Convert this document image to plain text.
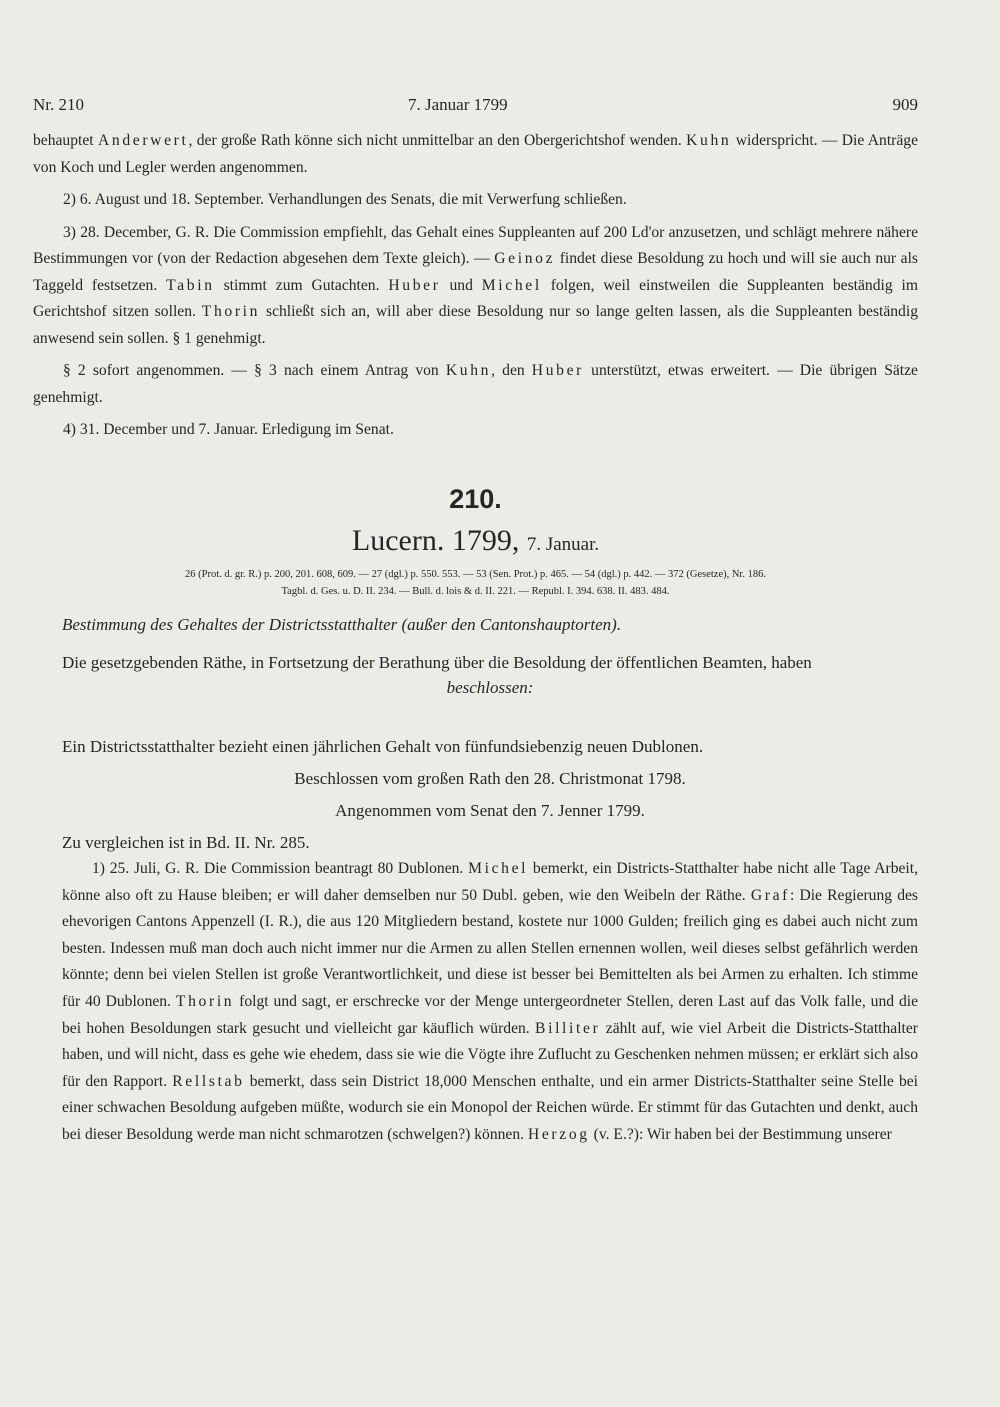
Nr. 210	7. Januar 1799	909

behauptet Anderwert, der große Rath könne sich nicht unmittelbar an den Obergerichtshof wenden. Kuhn widerspricht. — Die Anträge von Koch und Legler werden angenommen.

2) 6. August und 18. September. Verhandlungen des Senats, die mit Verwerfung schließen.

3) 28. December, G. R. Die Commission empfiehlt, das Gehalt eines Suppleanten auf 200 Ld'or anzusetzen, und schlägt mehrere nähere Bestimmungen vor (von der Redaction abgesehen dem Texte gleich). — Geinoz findet diese Besoldung zu hoch und will sie auch nur als Taggeld festsetzen. Tabin stimmt zum Gutachten. Huber und Michel folgen, weil einstweilen die Suppleanten beständig im Gerichtshof sitzen sollen. Thorin schließt sich an, will aber diese Besoldung nur so lange gelten lassen, als die Suppleanten beständig anwesend sein sollen. § 1 genehmigt.

§ 2 sofort angenommen. — § 3 nach einem Antrag von Kuhn, den Huber unterstützt, etwas erweitert. — Die übrigen Sätze genehmigt.

4) 31. December und 7. Januar. Erledigung im Senat.

210.
Lucern. 1799, 7. Januar.
26 (Prot. d. gr. R.) p. 200, 201. 608, 609. — 27 (dgl.) p. 550. 553. — 53 (Sen. Prot.) p. 465. — 54 (dgl.) p. 442. — 372 (Gesetze), Nr. 186.
Tagbl. d. Ges. u. D. II. 234. — Bull. d. lois & d. II. 221. — Republ. I. 394. 638. II. 483. 484.
Bestimmung des Gehaltes der Districtsstatthalter (außer den Cantonshauptorten).

Die gesetzgebenden Räthe, in Fortsetzung der Berathung über die Besoldung der öffentlichen Beamten, haben

beschlossen:

Ein Districtsstatthalter bezieht einen jährlichen Gehalt von fünfundsiebenzig neuen Dublonen.

Beschlossen vom großen Rath den 28. Christmonat 1798.

Angenommen vom Senat den 7. Jenner 1799.

Zu vergleichen ist in Bd. II. Nr. 285.

1) 25. Juli, G. R. Die Commission beantragt 80 Dublonen. Michel bemerkt, ein Districts-Statthalter habe nicht alle Tage Arbeit, könne also oft zu Hause bleiben; er will daher demselben nur 50 Dubl. geben, wie den Weibeln der Räthe. Graf: Die Regierung des ehevorigen Cantons Appenzell (I. R.), die aus 120 Mitgliedern bestand, kostete nur 1000 Gulden; freilich ging es dabei auch nicht zum besten. Indessen muß man doch auch nicht immer nur die Armen zu allen Stellen ernennen wollen, weil dieses selbst gefährlich werden könnte; denn bei vielen Stellen ist große Verantwortlichkeit, und diese ist besser bei Bemittelten als bei Armen zu erhalten. Ich stimme für 40 Dublonen. Thorin folgt und sagt, er erschrecke vor der Menge untergeordneter Stellen, deren Last auf das Volk falle, und die bei hohen Besoldungen stark gesucht und vielleicht gar käuflich würden. Billiter zählt auf, wie viel Arbeit die Districts-Statthalter haben, und will nicht, dass es gehe wie ehedem, dass sie wie die Vögte ihre Zuflucht zu Geschenken nehmen müssen; er erklärt sich also für den Rapport. Rellstab bemerkt, dass sein District 18,000 Menschen enthalte, und ein armer Districts-Statthalter seine Stelle bei einer schwachen Besoldung aufgeben müßte, wodurch sie ein Monopol der Reichen würde. Er stimmt für das Gutachten und denkt, auch bei dieser Besoldung werde man nicht schmarotzen (schwelgen?) können. Herzog (v. E.?): Wir haben bei der Bestimmung unserer
